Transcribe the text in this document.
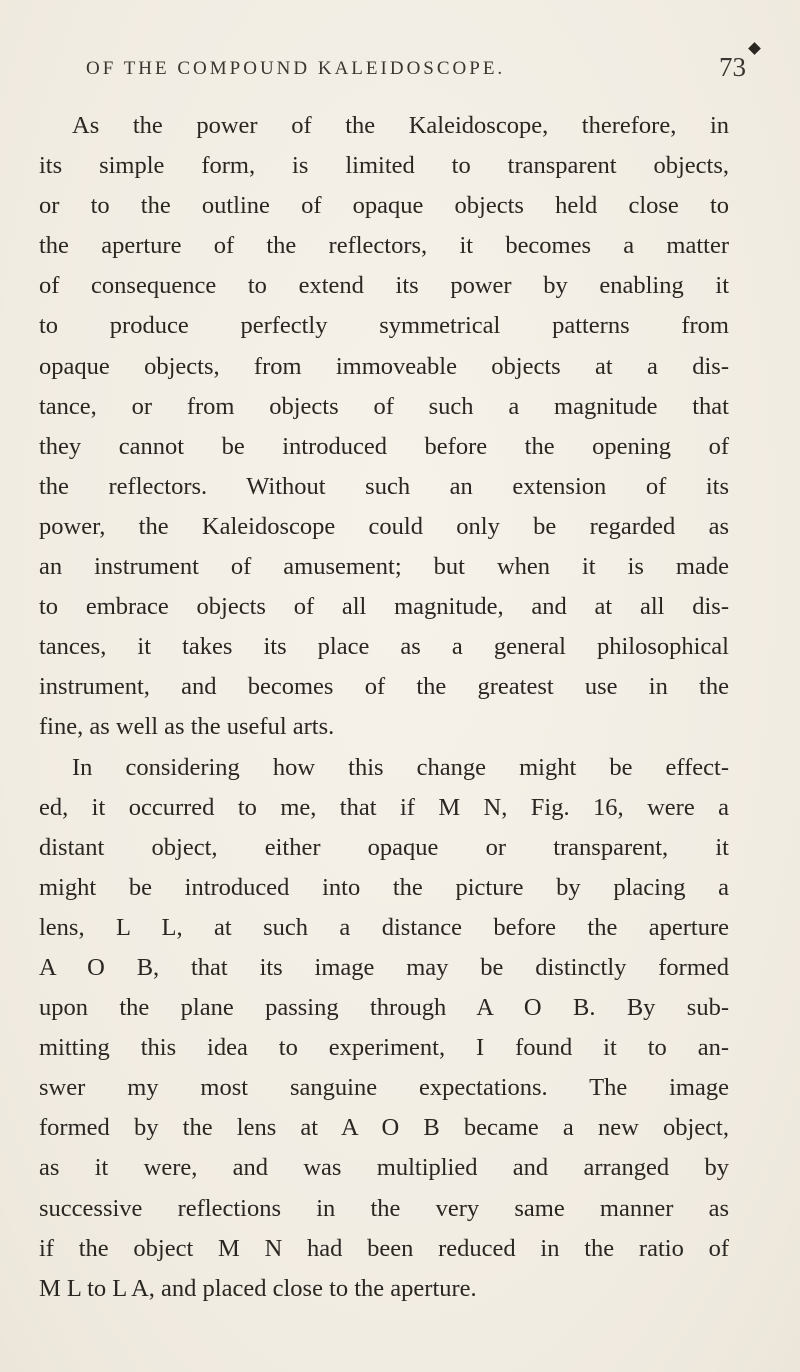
OF THE COMPOUND KALEIDOSCOPE.	73
As the power of the Kaleidoscope, therefore, in
its simple form, is limited to transparent objects,
or to the outline of opaque objects held close to
the aperture of the reflectors, it becomes a matter
of consequence to extend its power by enabling it
to produce perfectly symmetrical patterns from
opaque objects, from immoveable objects at a dis-
tance, or from objects of such a magnitude that
they cannot be introduced before the opening of
the reflectors. Without such an extension of its
power, the Kaleidoscope could only be regarded as
an instrument of amusement; but when it is made
to embrace objects of all magnitude, and at all dis-
tances, it takes its place as a general philosophical
instrument, and becomes of the greatest use in the
fine, as well as the useful arts.
In considering how this change might be effect-
ed, it occurred to me, that if M N, Fig. 16, were a
distant object, either opaque or transparent, it
might be introduced into the picture by placing a
lens, L L, at such a distance before the aperture
A O B, that its image may be distinctly formed
upon the plane passing through A O B. By sub-
mitting this idea to experiment, I found it to an-
swer my most sanguine expectations. The image
formed by the lens at A O B became a new object,
as it were, and was multiplied and arranged by
successive reflections in the very same manner as
if the object M N had been reduced in the ratio of
M L to L A, and placed close to the aperture.
